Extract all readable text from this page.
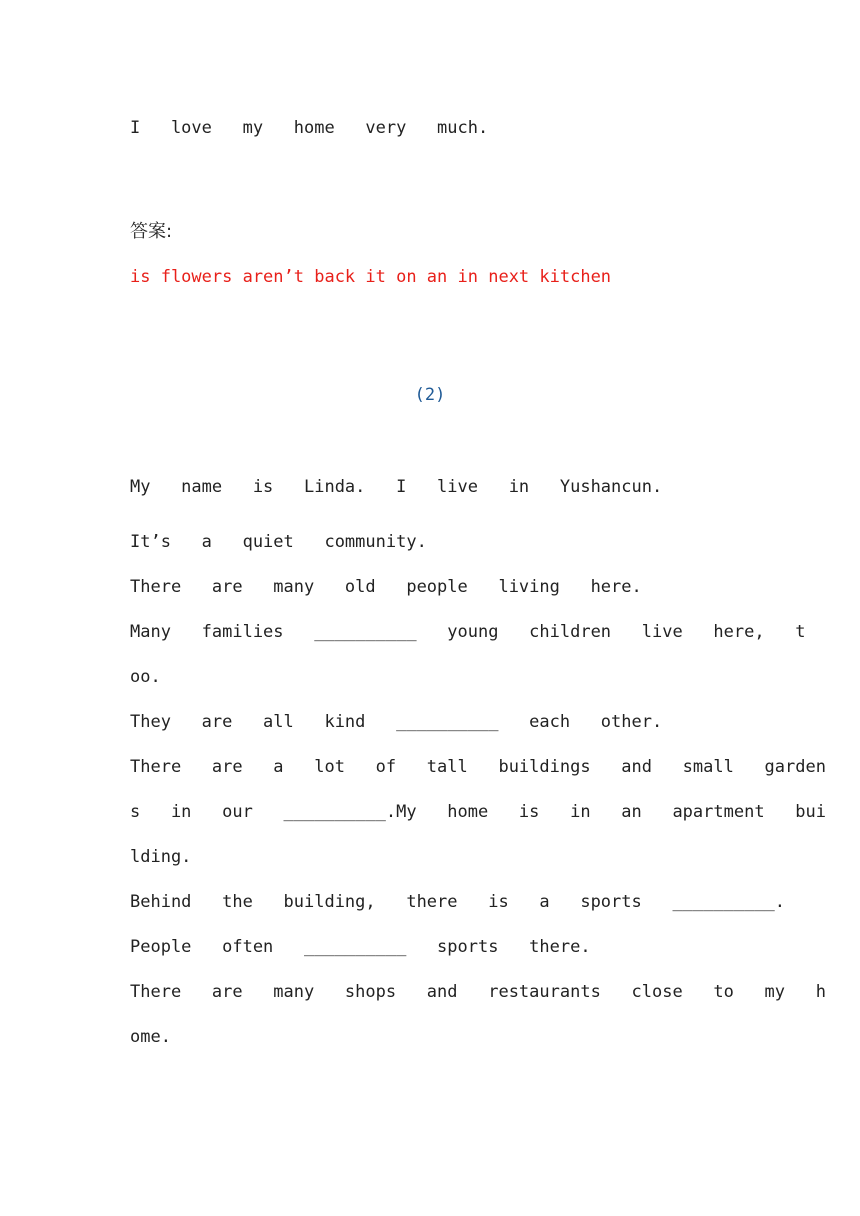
I   love   my   home   very   much.
答案:
is flowers aren’t back it on an in next kitchen
(2)
My   name   is   Linda.   I   live   in   Yushancun.
It’s   a   quiet   community.
There   are   many   old   people   living   here.
Many   families   __________   young   children   live   here,   t
oo.
They   are   all   kind   __________   each   other.
There   are   a   lot   of   tall   buildings   and   small   garden
s   in   our   __________.My   home   is   in   an   apartment   bui
lding.
Behind   the   building,   there   is   a   sports   __________.
People   often   __________   sports   there.
There   are   many   shops   and   restaurants   close   to   my   h
ome.
